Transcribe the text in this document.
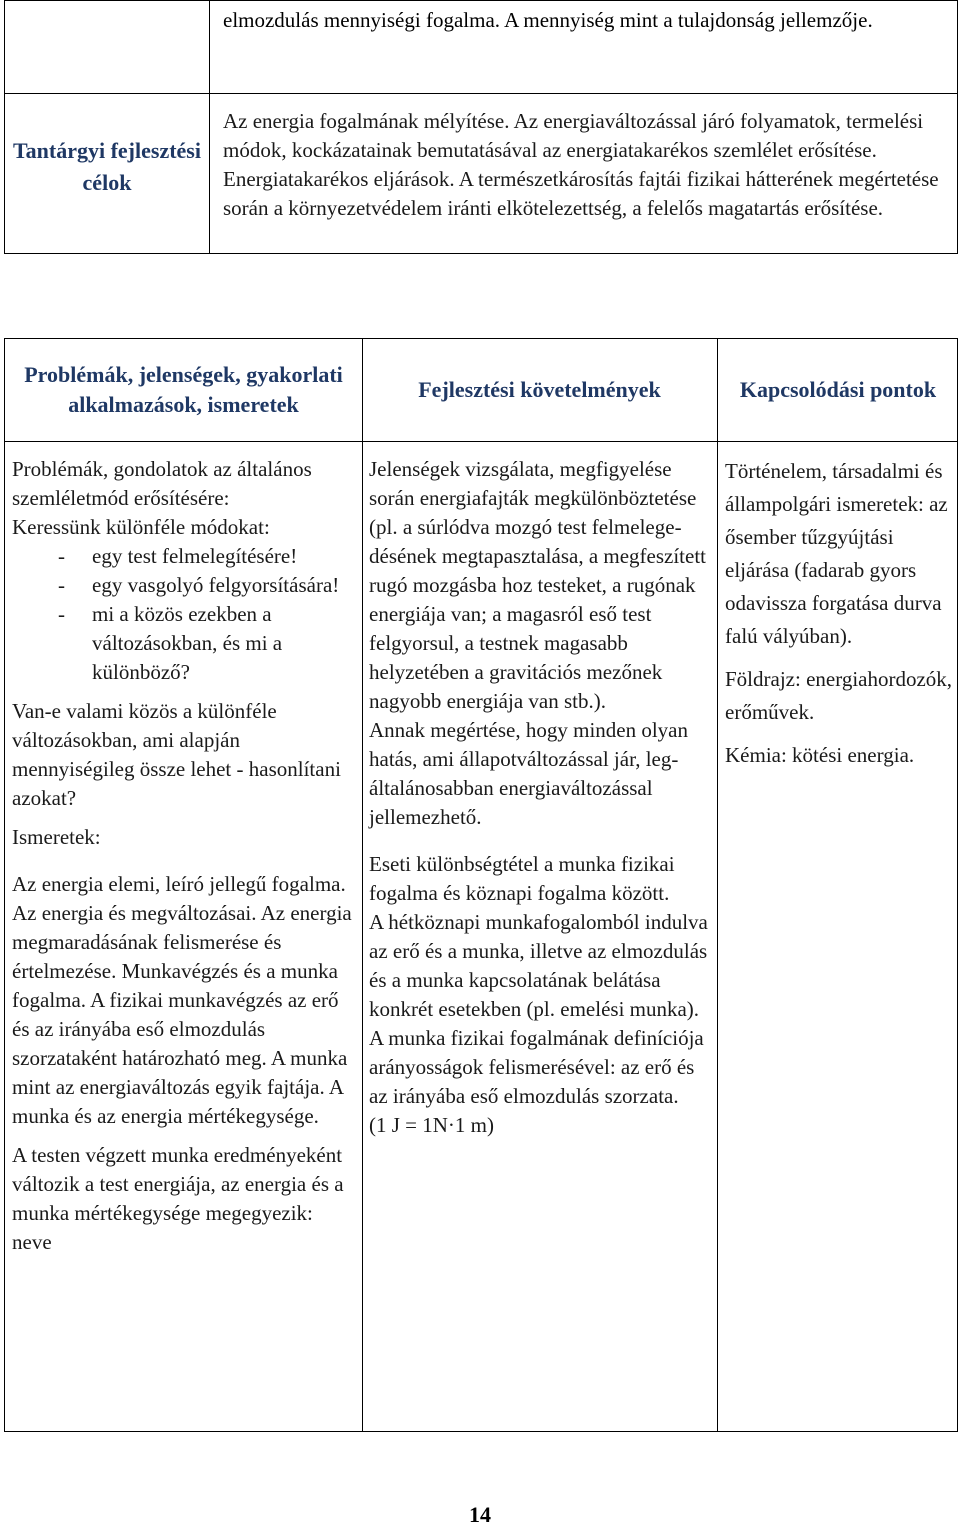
elmozdulás mennyiségi fogalma. A mennyiség mint a tulajdonság jellemzője.
Tantárgyi fejlesztési célok
Az energia fogalmának mélyítése. Az energiaváltozással járó folyamatok, termelési módok, kockázatainak bemutatásával az energiatakarékos szemlélet erősítése. Energiatakarékos eljárások. A természetkárosítás fajtái fizikai hátterének megértetése során a környezetvédelem iránti elkötelezettség, a felelős magatartás erősítése.
Problémák, jelenségek, gyakorlati alkalmazások, ismeretek
Fejlesztési követelmények	Kapcsolódási pontok

Problémák, gondolatok az általános szemléletmód erősítésére:

Keressünk különféle módokat:

- egy test felmelegítésére!
- egy vasgolyó felgyorsítására!
- mi a közös ezekben a változásokban, és mi a különböző?

Van-e valami közös a különféle változásokban, ami alapján mennyiségileg össze lehet - hasonlítani azokat?

Ismeretek:

Az energia elemi, leíró jellegű fogalma. Az energia és megváltozásai. Az energia megmaradásának felismerése és értelmezése. Munkavégzés és a munka fogalma. A fizikai munkavégzés az erő és az irányába eső elmozdulás szorzataként határozható meg. A munka mint az energiaváltozás egyik fajtája. A munka és az energia mértékegysége.

A testen végzett munka eredményeként változik a test energiája, az energia és a munka mértékegysége megegyezik: neve

Jelenségek vizsgálata, megfigyelése során energiafajták megkülönböztetése (pl. a súrlódva mozgó test felmelegedésének megtapasztalása, a megfeszített rugó mozgásba hoz testeket, a rugónak energiája van; a magasról eső test felgyorsul, a testnek magasabb helyzetében a gravitációs mezőnek nagyobb energiája van stb.).

Annak megértése, hogy minden olyan hatás, ami állapotváltozással jár, legáltalánosabban energiaváltozással jellemezhető.

Eseti különbségtétel a munka fizikai fogalma és köznapi fogalma között.

A hétköznapi munkafogalomból indulva az erő és a munka, illetve az elmozdulás és a munka kapcsolatának belátása konkrét esetekben (pl. emelési munka).

A munka fizikai fogalmának definíciója arányosságok felismerésével: az erő és az irányába eső elmozdulás szorzata.

(1 J = 1N·1 m)

Történelem, társadalmi és állampolgári ismeretek: az ősember tűzgyújtási eljárása (fadarab gyors odavissza forgatása durva falú vályúban).

Földrajz: energiahordozók, erőművek.

Kémia: kötési energia.

14
